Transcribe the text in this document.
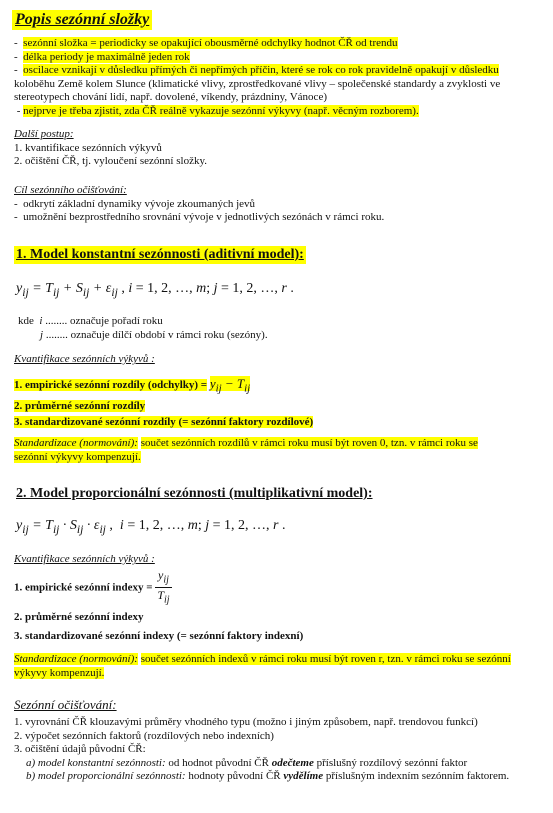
Popis sezónní složky
-  sezónní složka = periodicky se opakující obousměrné odchylky hodnot ČŘ od trendu
-  délka periody je maximálně jeden rok
-  oscilace vznikají v důsledku přímých či nepřímých příčin, které se rok co rok pravidelně opakují v důsledku
koloběhu Země kolem Slunce (klimatické vlivy, zprostředkované vlivy – společenské standardy a zvyklosti ve
stereotypech chování lidí, např. dovolené, víkendy, prázdniny, Vánoce)
- nejprve je třeba zjistit, zda ČŘ reálně vykazuje sezónní výkyvy (např. věcným rozborem).
Další postup:
1. kvantifikace sezónních výkyvů
2. očištění ČŘ, tj. vyloučení sezónní složky.
Cíl sezónního očišťování:
-  odkrytí základní dynamiky vývoje zkoumaných jevů
-  umožnění bezprostředního srovnání vývoje v jednotlivých sezónách v rámci roku.
1. Model konstantní sezónnosti (aditivní model):
$y_{ij} = T_{ij} + S_{ij} + \varepsilon_{ij}$ , i = 1, 2, …, m; j = 1, 2, …, r .
kde i ........ označuje pořadí roku
j ........ označuje dílčí období v rámci roku (sezóny).
Kvantifikace sezónních výkyvů :
1. empirické sezónní rozdíly (odchylky) = $y_{ij} - T_{ij}$
2. průměrné sezónní rozdíly
3. standardizované sezónní rozdíly (= sezónní faktory rozdílové)
Standardizace (normování): součet sezónních rozdílů v rámci roku musí být roven 0, tzn. v rámci roku se
sezónní výkyvy kompenzují.
2. Model proporcionální sezónnosti (multiplikativní model):
$y_{ij} = T_{ij} \cdot S_{ij} \cdot \varepsilon_{ij}$ ,  i = 1, 2, …, m; j = 1, 2, …, r .
Kvantifikace sezónních výkyvů :
1. empirické sezónní indexy = $\frac{y_{ij}}{T_{ij}}$
2. průměrné sezónní indexy
3. standardizované sezónní indexy (= sezónní faktory indexní)
Standardizace (normování): součet sezónních indexů v rámci roku musí být roven r, tzn. v rámci roku se sezónní
výkyvy kompenzují.
Sezónní očišťování:
1. vyrovnání ČŘ klouzavými průměry vhodného typu (možno i jiným způsobem, např. trendovou funkcí)
2. výpočet sezónních faktorů (rozdílových nebo indexních)
3. očištění údajů původní ČŘ:
a) model konstantní sezónnosti: od hodnot původní ČŘ odečteme příslušný rozdílový sezónní faktor
b) model proporcionální sezónnosti: hodnoty původní ČŘ vydělíme příslušným indexním sezónním faktorem.
